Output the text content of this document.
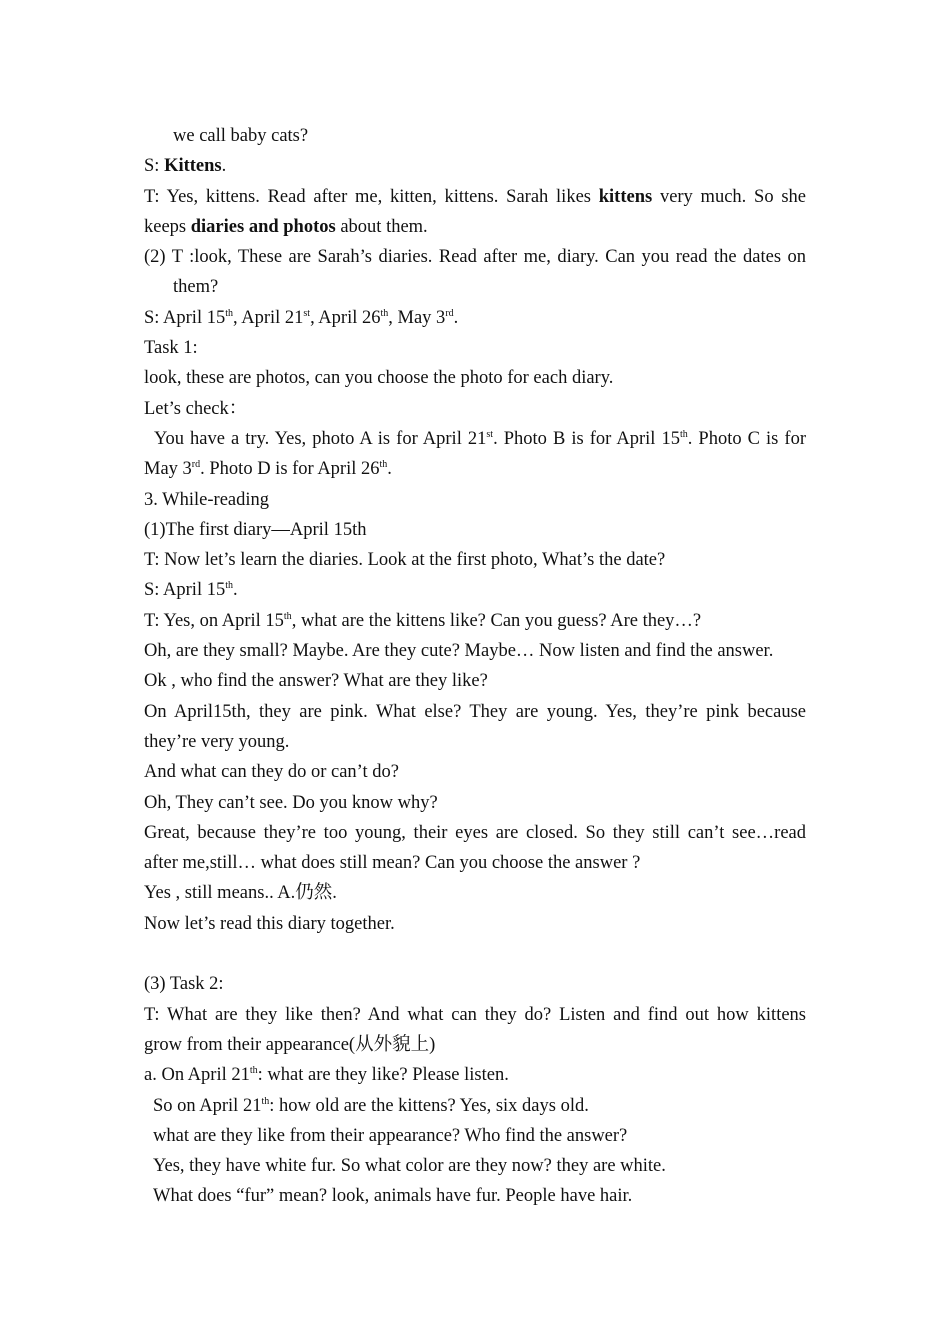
we call baby cats?
S: Kittens.
T: Yes, kittens. Read after me, kitten, kittens. Sarah likes kittens very much. So she
keeps diaries and photos about them.
(2) T :look, These are Sarah’s diaries. Read after me, diary. Can you read the dates on
them?
S: April 15th, April 21st, April 26th, May 3rd.
Task 1:
look, these are photos, can you choose the photo for each diary.
Let’s check：
You have a try. Yes, photo A is for April 21st. Photo B is for April 15th. Photo C is for
May 3rd. Photo D is for April 26th.
3. While-reading
(1)The first diary—April 15th
T: Now let’s learn the diaries. Look at the first photo, What’s the date?
S: April 15th.
T: Yes, on April 15th, what are the kittens like? Can you guess? Are they…?
Oh, are they small? Maybe. Are they cute? Maybe… Now listen and find the answer.
Ok , who find the answer? What are they like?
On April15th, they are pink. What else? They are young. Yes, they’re pink because
they’re very young.
And what can they do or can’t do?
Oh, They can’t see. Do you know why?
Great, because they’re too young, their eyes are closed. So they still can’t see…read
after me,still… what does still mean? Can you choose the answer ?
Yes , still means.. A.仍然.
Now let’s read this diary together.
(3) Task 2:
T: What are they like then? And what can they do? Listen and find out how kittens
grow from their appearance(从外貌上)
a. On April 21th: what are they like? Please listen.
So on April 21th: how old are the kittens? Yes, six days old.
what are they like from their appearance? Who find the answer?
Yes, they have white fur. So what color are they now? they are white.
What does “fur” mean? look, animals have fur. People have hair.
